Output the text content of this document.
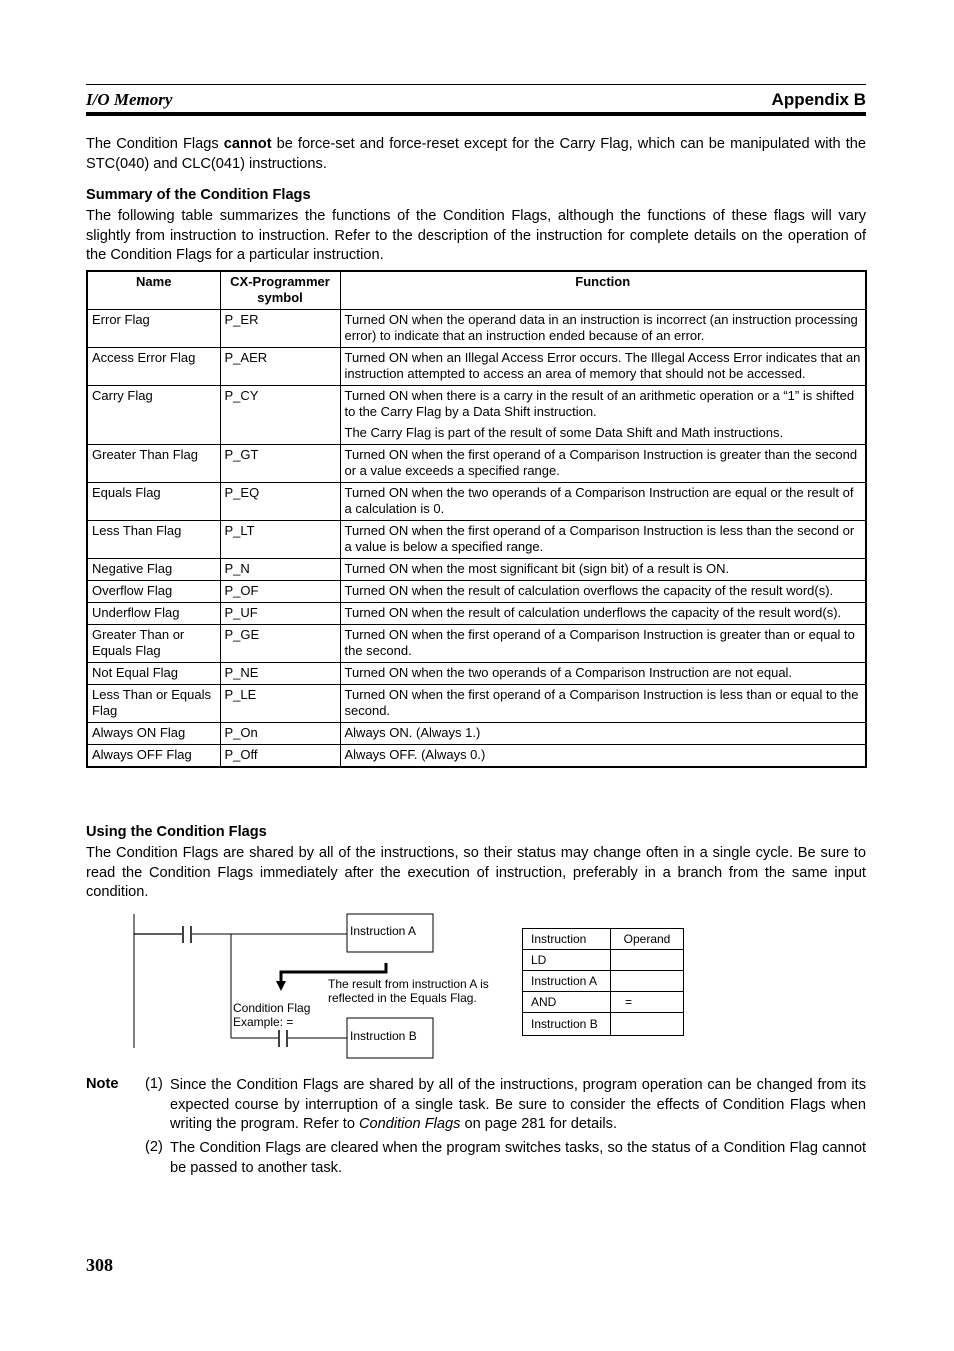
I/O Memory	Appendix B
The Condition Flags cannot be force-set and force-reset except for the Carry Flag, which can be manipulated with the STC(040) and CLC(041) instructions.
Summary of the Condition Flags
The following table summarizes the functions of the Condition Flags, although the functions of these flags will vary slightly from instruction to instruction. Refer to the description of the instruction for complete details on the operation of the Condition Flags for a particular instruction.
Name	CX-Programmer symbol	Function
Error Flag	P_ER	Turned ON when the operand data in an instruction is incorrect (an instruction processing error) to indicate that an instruction ended because of an error.

Access Error Flag	P_AER	Turned ON when an Illegal Access Error occurs. The Illegal Access Error indicates that an instruction attempted to access an area of memory that should not be accessed.

Carry Flag	P_CY	Turned ON when there is a carry in the result of an arithmetic operation or a “1” is shifted to the Carry Flag by a Data Shift instruction.
The Carry Flag is part of the result of some Data Shift and Math instructions.

Greater Than Flag	P_GT	Turned ON when the first operand of a Comparison Instruction is greater than the second or a value exceeds a specified range.

Equals Flag	P_EQ	Turned ON when the two operands of a Comparison Instruction are equal or the result of a calculation is 0.

Less Than Flag	P_LT	Turned ON when the first operand of a Comparison Instruction is less than the second or a value is below a specified range.

Negative Flag	P_N	Turned ON when the most significant bit (sign bit) of a result is ON.

Overflow Flag	P_OF	Turned ON when the result of calculation overflows the capacity of the result word(s).

Underflow Flag	P_UF	Turned ON when the result of calculation underflows the capacity of the result word(s).

Greater Than or Equals Flag	P_GE	Turned ON when the first operand of a Comparison Instruction is greater than or equal to the second.

Not Equal Flag	P_NE	Turned ON when the two operands of a Comparison Instruction are not equal.

Less Than or Equals Flag	P_LE	Turned ON when the first operand of a Comparison Instruction is less than or equal to the second.

Always ON Flag	P_On	Always ON. (Always 1.)

Always OFF Flag	P_Off	Always OFF. (Always 0.)
Using the Condition Flags
The Condition Flags are shared by all of the instructions, so their status may change often in a single cycle. Be sure to read the Condition Flags immediately after the execution of instruction, preferably in a branch from the same input condition.
Instruction A
Instruction B
The result from instruction A is
reflected in the Equals Flag.
Condition Flag
Example: =
Instruction	Operand
LD	
Instruction A	
AND	=
Instruction B	
Note (1) Since the Condition Flags are shared by all of the instructions, program operation can be changed from its expected course by interruption of a single task. Be sure to consider the effects of Condition Flags when writing the program. Refer to Condition Flags on page 281 for details.
(2) The Condition Flags are cleared when the program switches tasks, so the status of a Condition Flag cannot be passed to another task.
308
